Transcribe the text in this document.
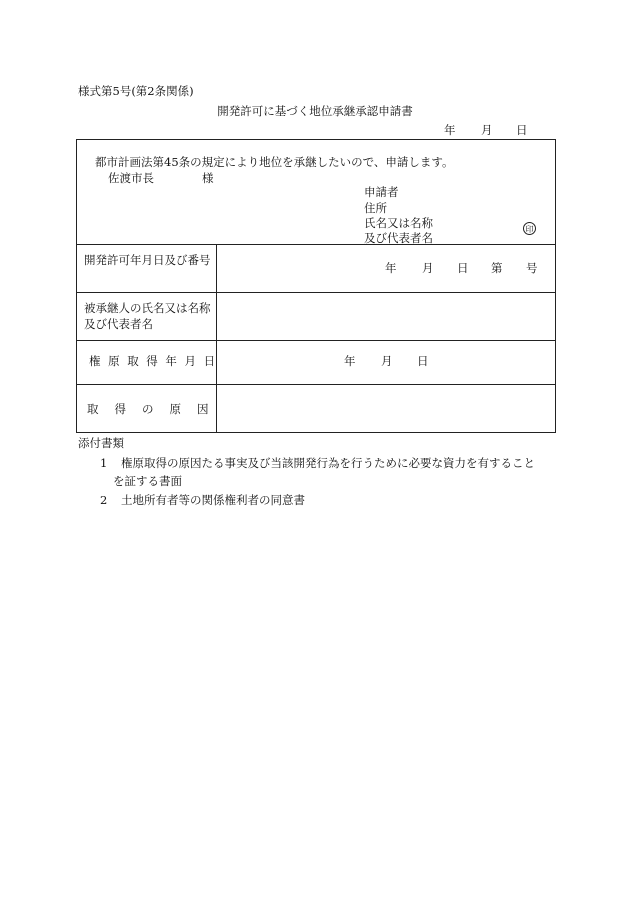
様式第5号(第2条関係)
開発許可に基づく地位承継承認申請書
年 月 日
都市計画法第45条の規定により地位を承継したいので、申請します。
佐渡市長	様
申請者
住所
氏名又は名称
及び代表者名
印
開発許可年月日及び番号
年 月 日 第 号
被承継人の氏名又は名称及び代表者名
権原取得年月日	年 月 日
取得の原因
添付書類
1 権原取得の原因たる事実及び当該開発行為を行うために必要な資力を有すること
を証する書面
2 土地所有者等の関係権利者の同意書
